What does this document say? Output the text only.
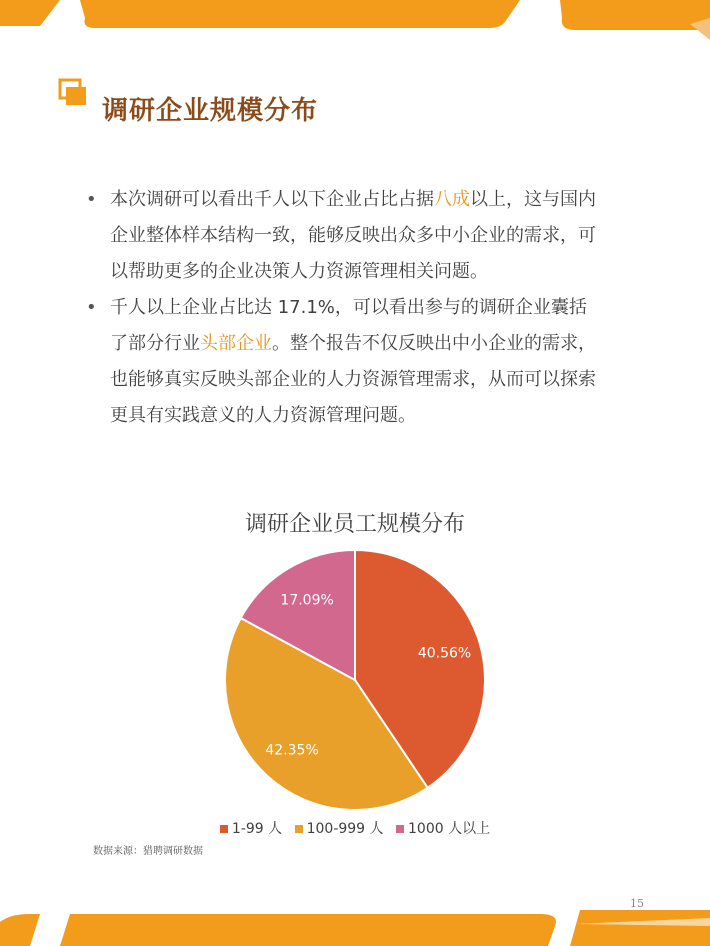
调研企业规模分布
• 本次调研可以看出千人以下企业占比占据八成以上，这与国内企业整体样本结构一致，能够反映出众多中小企业的需求，可以帮助更多的企业决策人力资源管理相关问题。
• 千人以上企业占比达 17.1%，可以看出参与的调研企业囊括了部分行业头部企业。整个报告不仅反映出中小企业的需求，也能够真实反映头部企业的人力资源管理需求，从而可以探索更具有实践意义的人力资源管理问题。
调研企业员工规模分布
40.56%
42.35%
17.09%
1-99 人 100-999 人 1000 人以上
数据来源：猎聘调研数据
15
